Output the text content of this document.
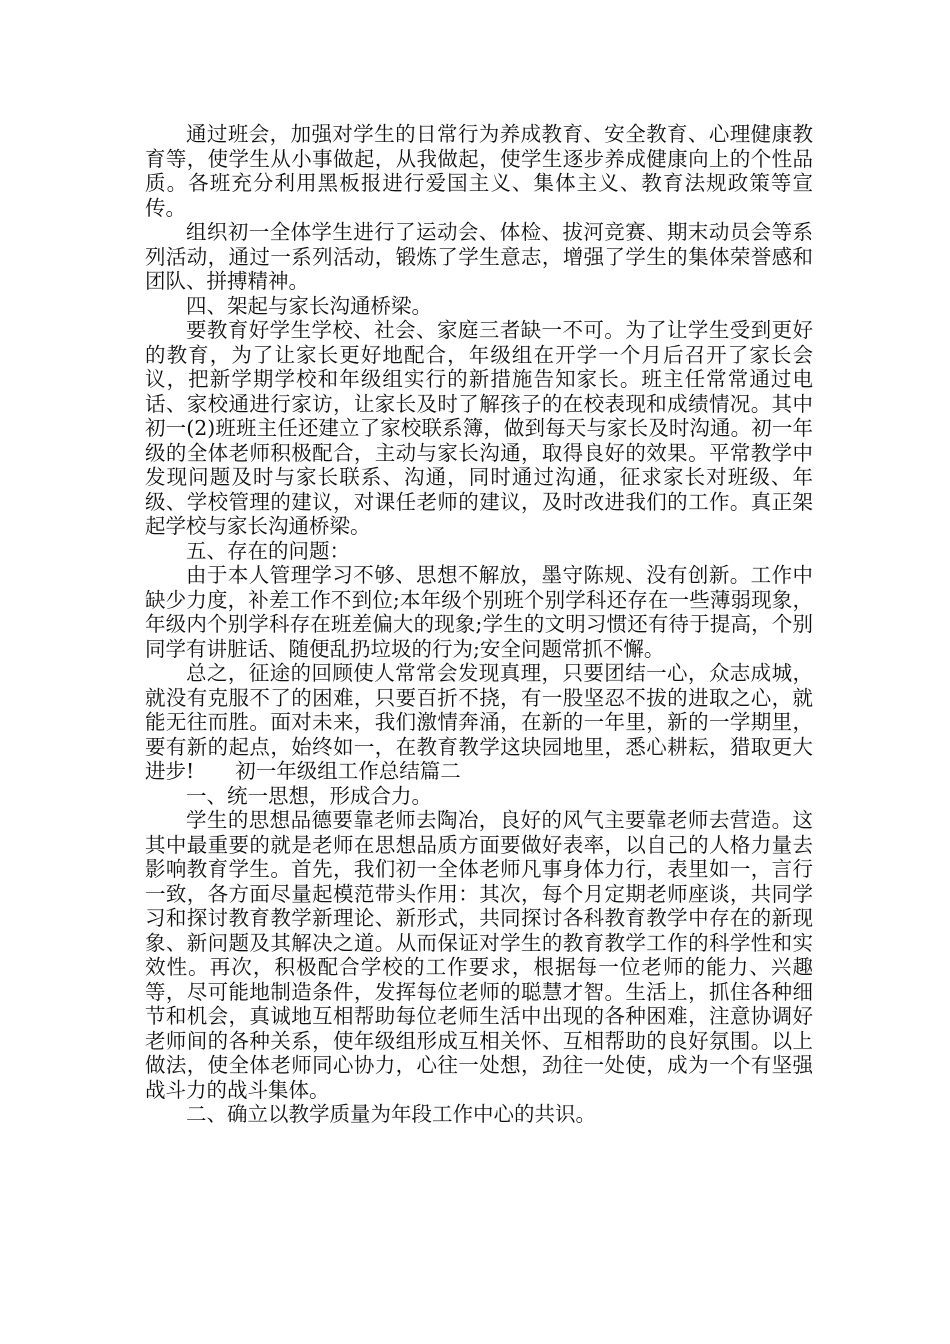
通过班会，加强对学生的日常行为养成教育、安全教育、心理健康教育等，使学生从小事做起，从我做起，使学生逐步养成健康向上的个性品质。各班充分利用黑板报进行爱国主义、集体主义、教育法规政策等宣传。

组织初一全体学生进行了运动会、体检、拔河竞赛、期末动员会等系列活动，通过一系列活动，锻炼了学生意志，增强了学生的集体荣誉感和团队、拼搏精神。

四、架起与家长沟通桥梁。

要教育好学生学校、社会、家庭三者缺一不可。为了让学生受到更好的教育，为了让家长更好地配合，年级组在开学一个月后召开了家长会议，把新学期学校和年级组实行的新措施告知家长。班主任常常通过电话、家校通进行家访，让家长及时了解孩子的在校表现和成绩情况。其中初一(2)班班主任还建立了家校联系簿，做到每天与家长及时沟通。初一年级的全体老师积极配合，主动与家长沟通，取得良好的效果。平常教学中发现问题及时与家长联系、沟通，同时通过沟通，征求家长对班级、年级、学校管理的建议，对课任老师的建议，及时改进我们的工作。真正架起学校与家长沟通桥梁。

五、存在的问题：

由于本人管理学习不够、思想不解放，墨守陈规、没有创新。工作中缺少力度，补差工作不到位;本年级个别班个别学科还存在一些薄弱现象，年级内个别学科存在班差偏大的现象;学生的文明习惯还有待于提高，个别同学有讲脏话、随便乱扔垃圾的行为;安全问题常抓不懈。

总之，征途的回顾使人常常会发现真理，只要团结一心，众志成城，就没有克服不了的困难，只要百折不挠，有一股坚忍不拔的进取之心，就能无往而胜。面对未来，我们激情奔涌，在新的一年里，新的一学期里，要有新的起点，始终如一，在教育教学这块园地里，悉心耕耘，猎取更大进步!　　初一年级组工作总结篇二

一、统一思想，形成合力。

学生的思想品德要靠老师去陶冶，良好的风气主要靠老师去营造。这其中最重要的就是老师在思想品质方面要做好表率，以自己的人格力量去影响教育学生。首先，我们初一全体老师凡事身体力行，表里如一，言行一致，各方面尽量起模范带头作用：其次，每个月定期老师座谈，共同学习和探讨教育教学新理论、新形式，共同探讨各科教育教学中存在的新现象、新问题及其解决之道。从而保证对学生的教育教学工作的科学性和实效性。再次，积极配合学校的工作要求，根据每一位老师的能力、兴趣等，尽可能地制造条件，发挥每位老师的聪慧才智。生活上，抓住各种细节和机会，真诚地互相帮助每位老师生活中出现的各种困难，注意协调好老师间的各种关系，使年级组形成互相关怀、互相帮助的良好氛围。以上做法，使全体老师同心协力，心往一处想，劲往一处使，成为一个有坚强战斗力的战斗集体。

二、确立以教学质量为年段工作中心的共识。
